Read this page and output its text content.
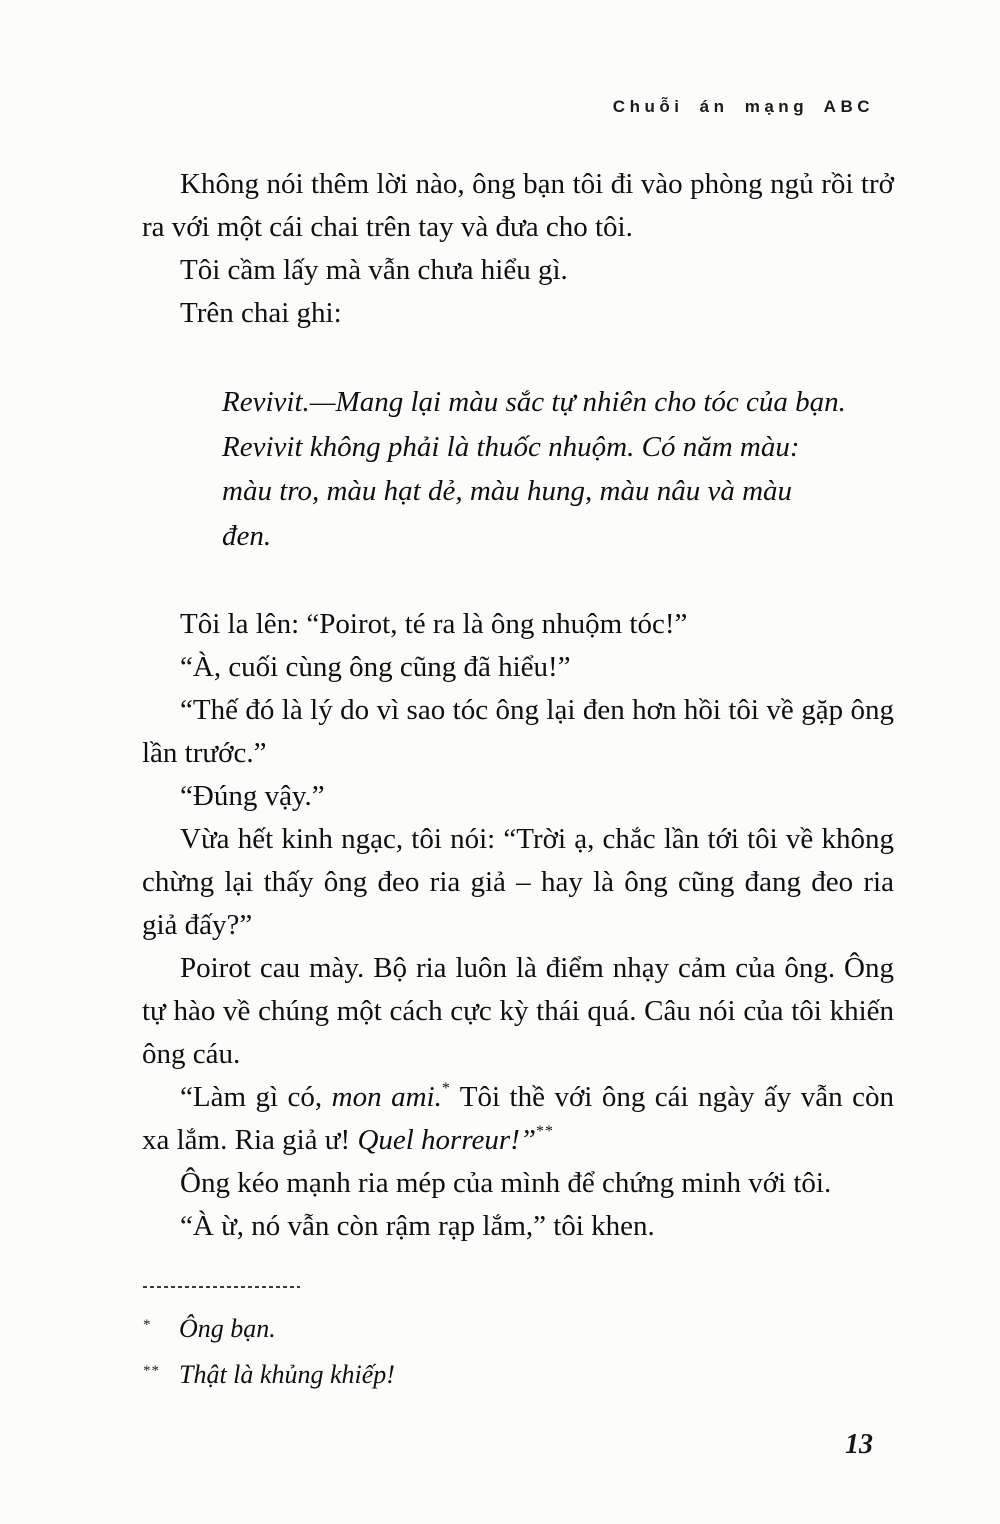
Chuỗi án mạng ABC

Không nói thêm lời nào, ông bạn tôi đi vào phòng ngủ rồi trở ra với một cái chai trên tay và đưa cho tôi.

Tôi cầm lấy mà vẫn chưa hiểu gì.

Trên chai ghi:

Revivit.—Mang lại màu sắc tự nhiên cho tóc của bạn. Revivit không phải là thuốc nhuộm. Có năm màu: màu tro, màu hạt dẻ, màu hung, màu nâu và màu đen.

Tôi la lên: “Poirot, té ra là ông nhuộm tóc!”

“À, cuối cùng ông cũng đã hiểu!”

“Thế đó là lý do vì sao tóc ông lại đen hơn hồi tôi về gặp ông lần trước.”

“Đúng vậy.”

Vừa hết kinh ngạc, tôi nói: “Trời ạ, chắc lần tới tôi về không chừng lại thấy ông đeo ria giả – hay là ông cũng đang đeo ria giả đấy?”

Poirot cau mày. Bộ ria luôn là điểm nhạy cảm của ông. Ông tự hào về chúng một cách cực kỳ thái quá. Câu nói của tôi khiến ông cáu.

“Làm gì có, mon ami.* Tôi thề với ông cái ngày ấy vẫn còn xa lắm. Ria giả ư! Quel horreur!”**

Ông kéo mạnh ria mép của mình để chứng minh với tôi.

“À ừ, nó vẫn còn rậm rạp lắm,” tôi khen.

*	Ông bạn.
** Thật là khủng khiếp!
13
